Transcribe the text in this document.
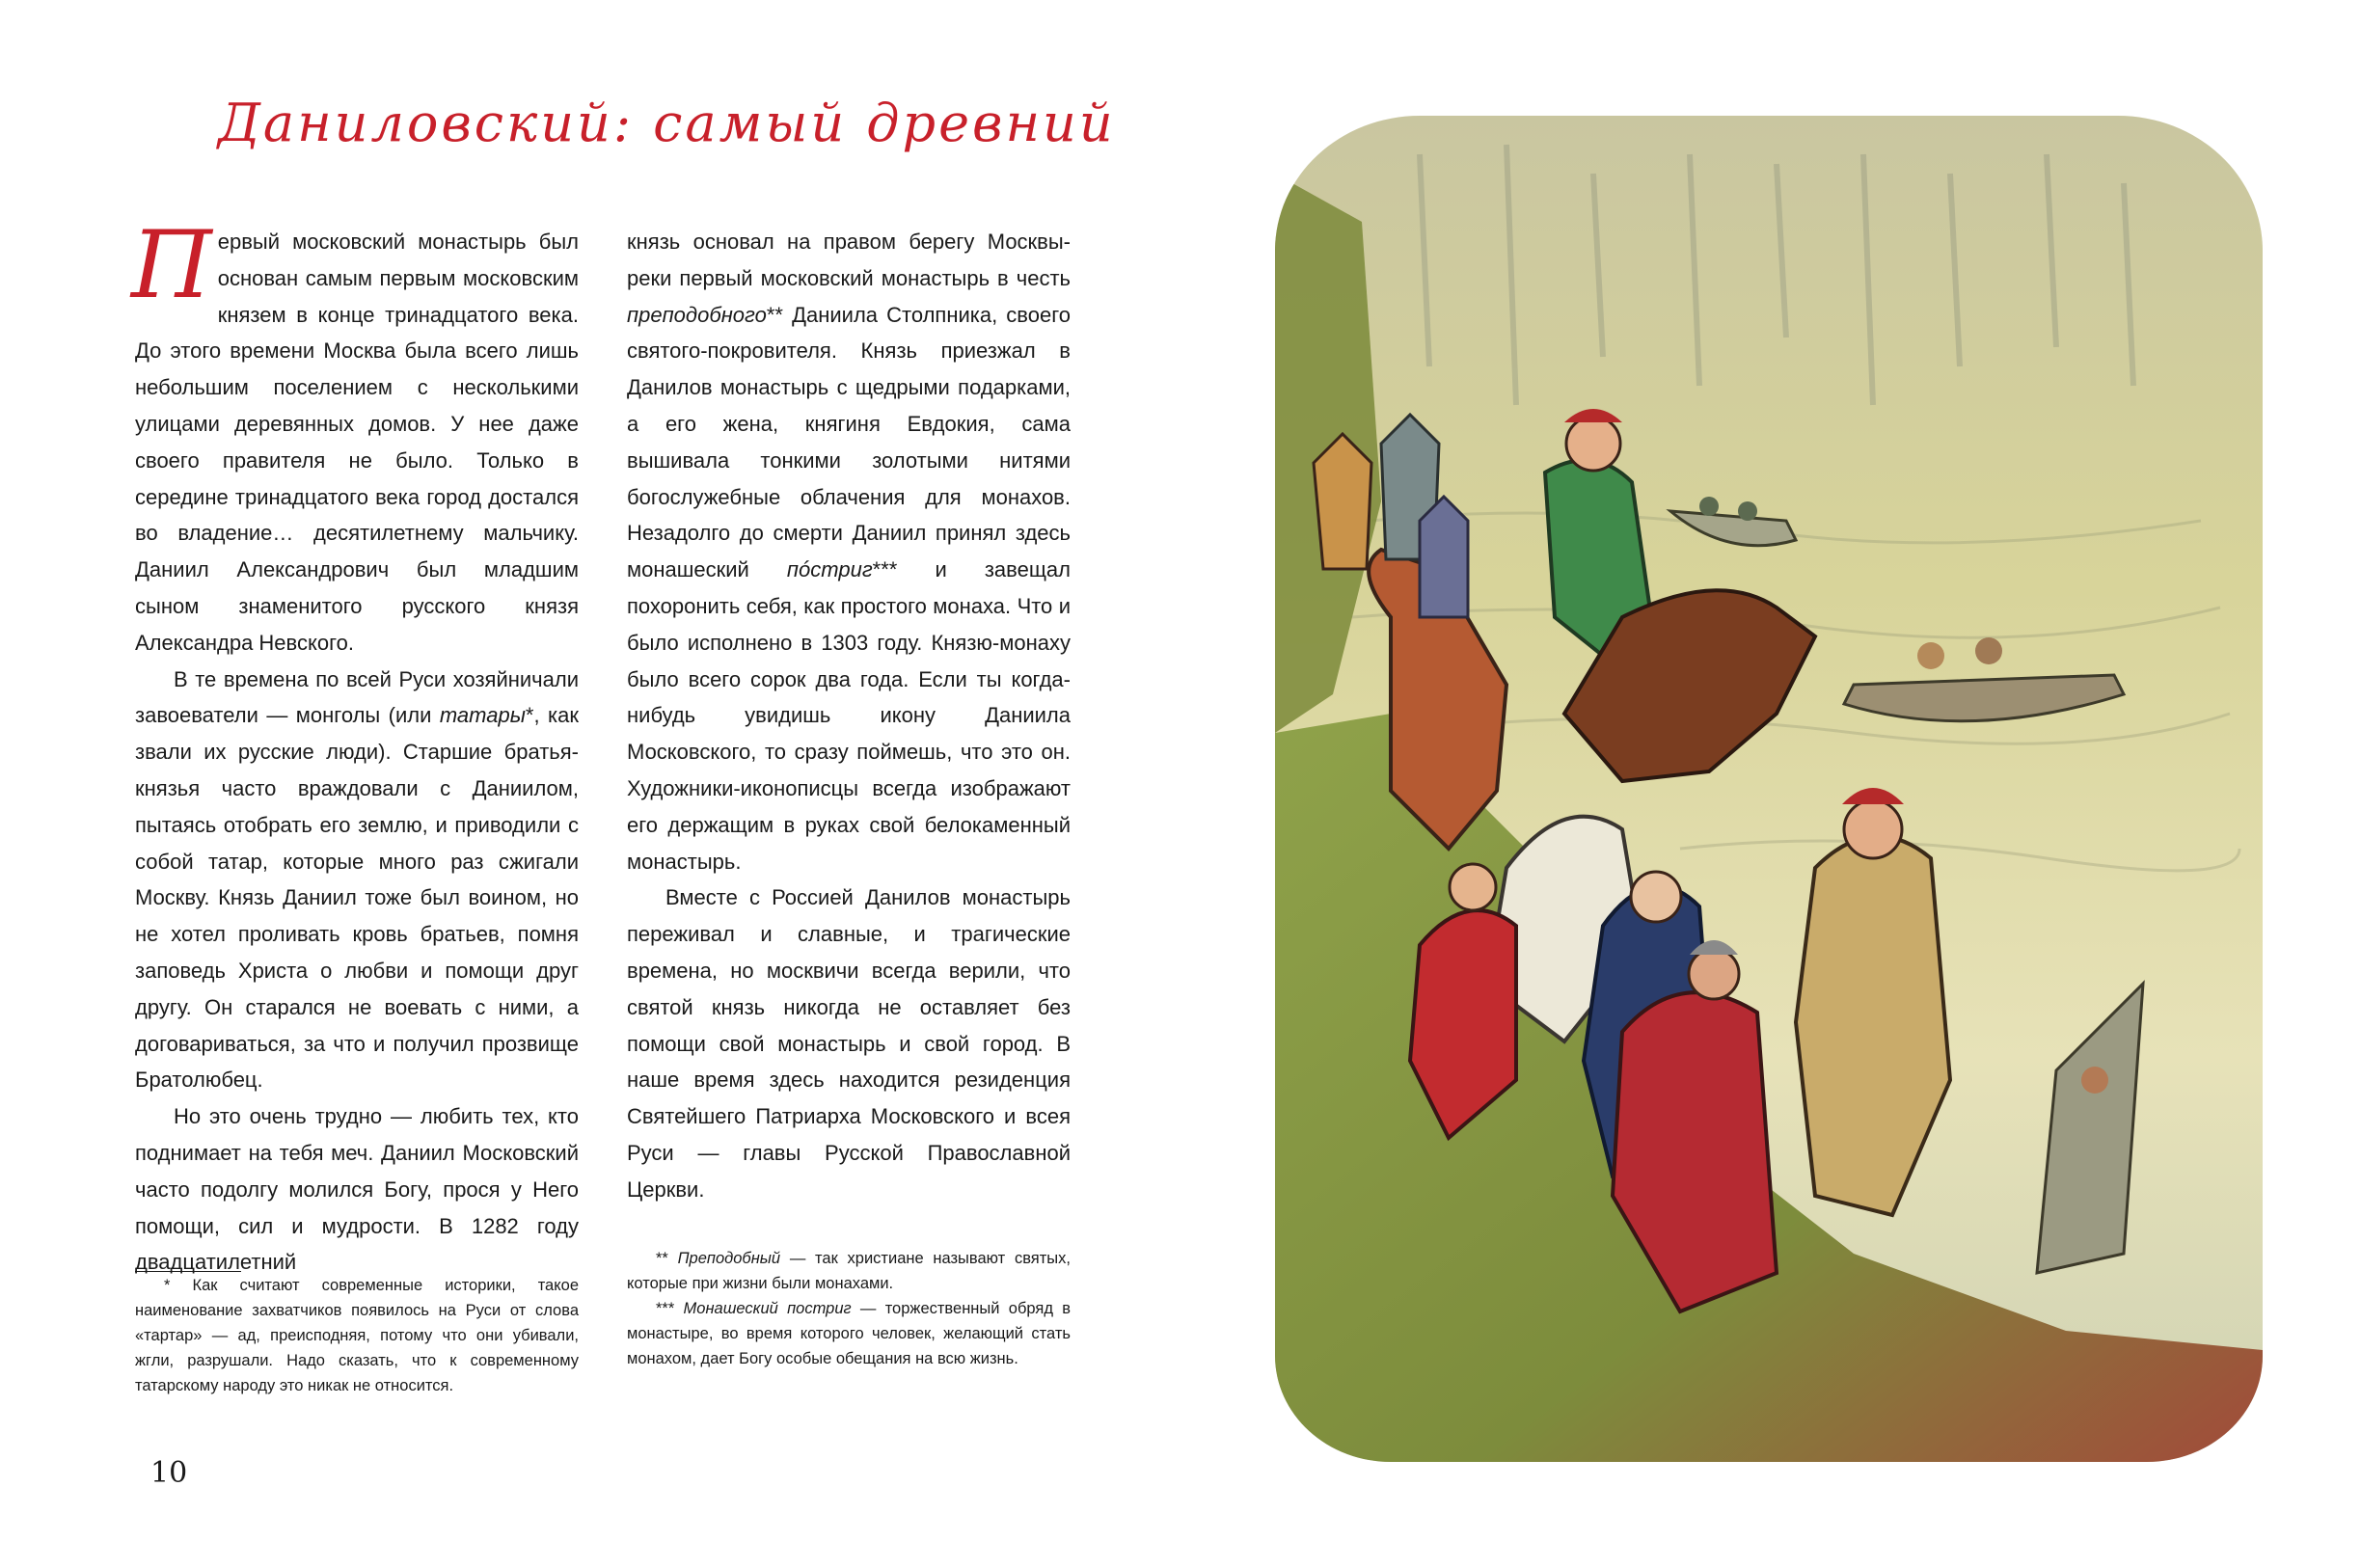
Даниловский: самый древний

Первый московский монастырь был основан самым первым московским князем в конце тринадцатого века. До этого времени Москва была всего лишь небольшим поселением с несколькими улицами деревянных домов. У нее даже своего правителя не было. Только в середине тринадцатого века город достался во владение… десятилетнему мальчику. Даниил Александрович был младшим сыном знаменитого русского князя Александра Невского.

В те времена по всей Руси хозяйничали завоеватели — монголы (или татары*, как звали их русские люди). Старшие братья-князья часто враждовали с Даниилом, пытаясь отобрать его землю, и приводили с собой татар, которые много раз сжигали Москву. Князь Даниил тоже был воином, но не хотел проливать кровь братьев, помня заповедь Христа о любви и помощи друг другу. Он старался не воевать с ними, а договариваться, за что и получил прозвище Братолюбец.

Но это очень трудно — любить тех, кто поднимает на тебя меч. Даниил Московский часто подолгу молился Богу, прося у Него помощи, сил и мудрости. В 1282 году двадцатилетний

князь основал на правом берегу Москвы-реки первый московский монастырь в честь преподобного** Даниила Столпника, своего святого-покровителя. Князь приезжал в Данилов монастырь с щедрыми подарками, а его жена, княгиня Евдокия, сама вышивала тонкими золотыми нитями богослужебные облачения для монахов. Незадолго до смерти Даниил принял здесь монашеский пóстриг*** и завещал похоронить себя, как простого монаха. Что и было исполнено в 1303 году. Князю-монаху было всего сорок два года. Если ты когда-нибудь увидишь икону Даниила Московского, то сразу поймешь, что это он. Художники-иконописцы всегда изображают его держащим в руках свой белокаменный монастырь.

Вместе с Россией Данилов монастырь переживал и славные, и трагические времена, но москвичи всегда верили, что святой князь никогда не оставляет без помощи свой монастырь и свой город. В наше время здесь находится резиденция Святейшего Патриарха Московского и всея Руси — главы Русской Православной Церкви.

* Как считают современные историки, такое наименование захватчиков появилось на Руси от слова «тартар» — ад, преисподняя, потому что они убивали, жгли, разрушали. Надо сказать, что к современному татарскому народу это никак не относится.

** Преподобный — так христиане называют святых, которые при жизни были монахами.

*** Монашеский постриг — торжественный обряд в монастыре, во время которого человек, желающий стать монахом, дает Богу особые обещания на всю жизнь.

10
